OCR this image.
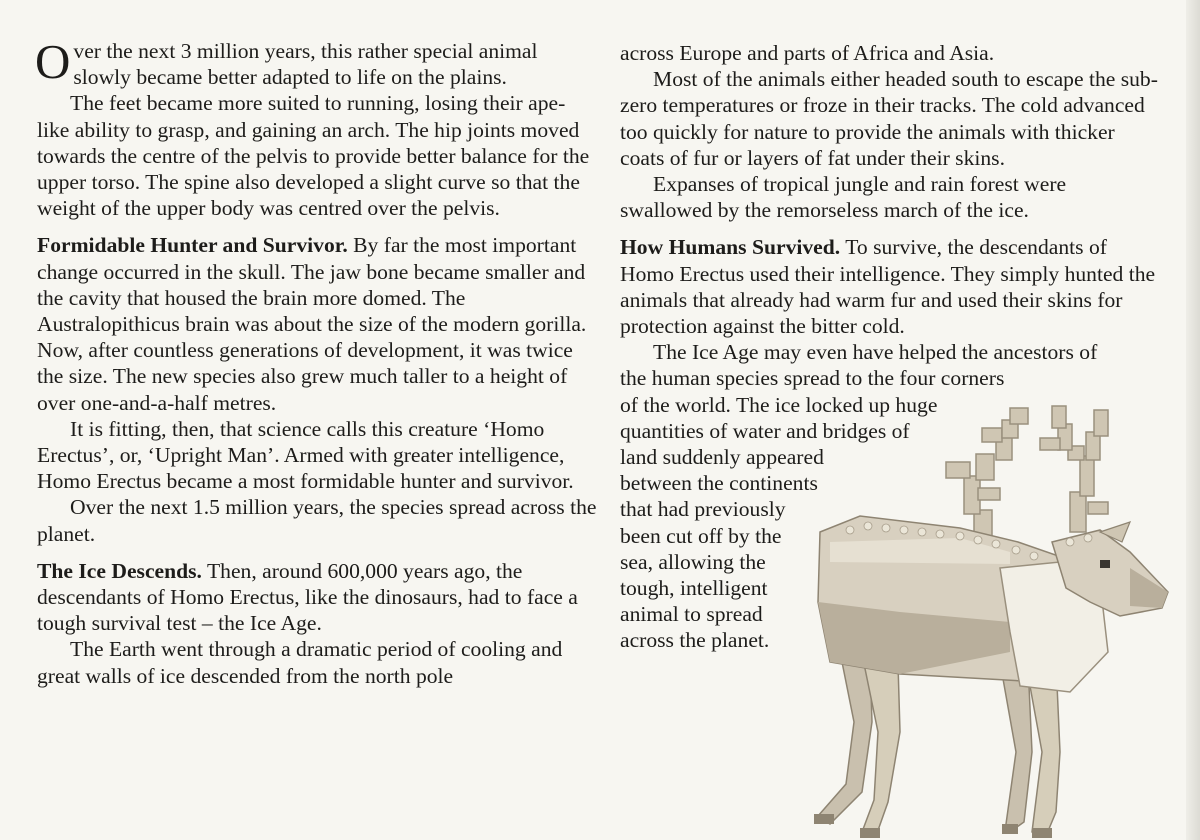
Over the next 3 million years, this rather special animal slowly became better adapted to life on the plains.

The feet became more suited to running, losing their ape-like ability to grasp, and gaining an arch. The hip joints moved towards the centre of the pelvis to provide better balance for the upper torso. The spine also developed a slight curve so that the weight of the upper body was centred over the pelvis.

Formidable Hunter and Survivor. By far the most important change occurred in the skull. The jaw bone became smaller and the cavity that housed the brain more domed. The Australopithicus brain was about the size of the modern gorilla. Now, after countless generations of development, it was twice the size. The new species also grew much taller to a height of over one-and-a-half metres.

It is fitting, then, that science calls this creature ‘Homo Erectus’, or, ‘Upright Man’. Armed with greater intelligence, Homo Erectus became a most formidable hunter and survivor.

Over the next 1.5 million years, the species spread across the planet.

The Ice Descends. Then, around 600,000 years ago, the descendants of Homo Erectus, like the dinosaurs, had to face a tough survival test – the Ice Age.

The Earth went through a dramatic period of cooling and great walls of ice descended from the north pole

across Europe and parts of Africa and Asia.

Most of the animals either headed south to escape the sub-zero temperatures or froze in their tracks. The cold advanced too quickly for nature to provide the animals with thicker coats of fur or layers of fat under their skins.

Expanses of tropical jungle and rain forest were swallowed by the remorseless march of the ice.

How Humans Survived. To survive, the descendants of Homo Erectus used their intelligence. They simply hunted the animals that already had warm fur and used their skins for protection against the bitter cold.

The Ice Age may even have helped the ancestors of

the human species spread to the four corners

of the world. The ice locked up huge

quantities of water and bridges of

land suddenly appeared

between the continents

that had previously

been cut off by the

sea, allowing the

tough, intelligent

animal to spread

across the planet.
